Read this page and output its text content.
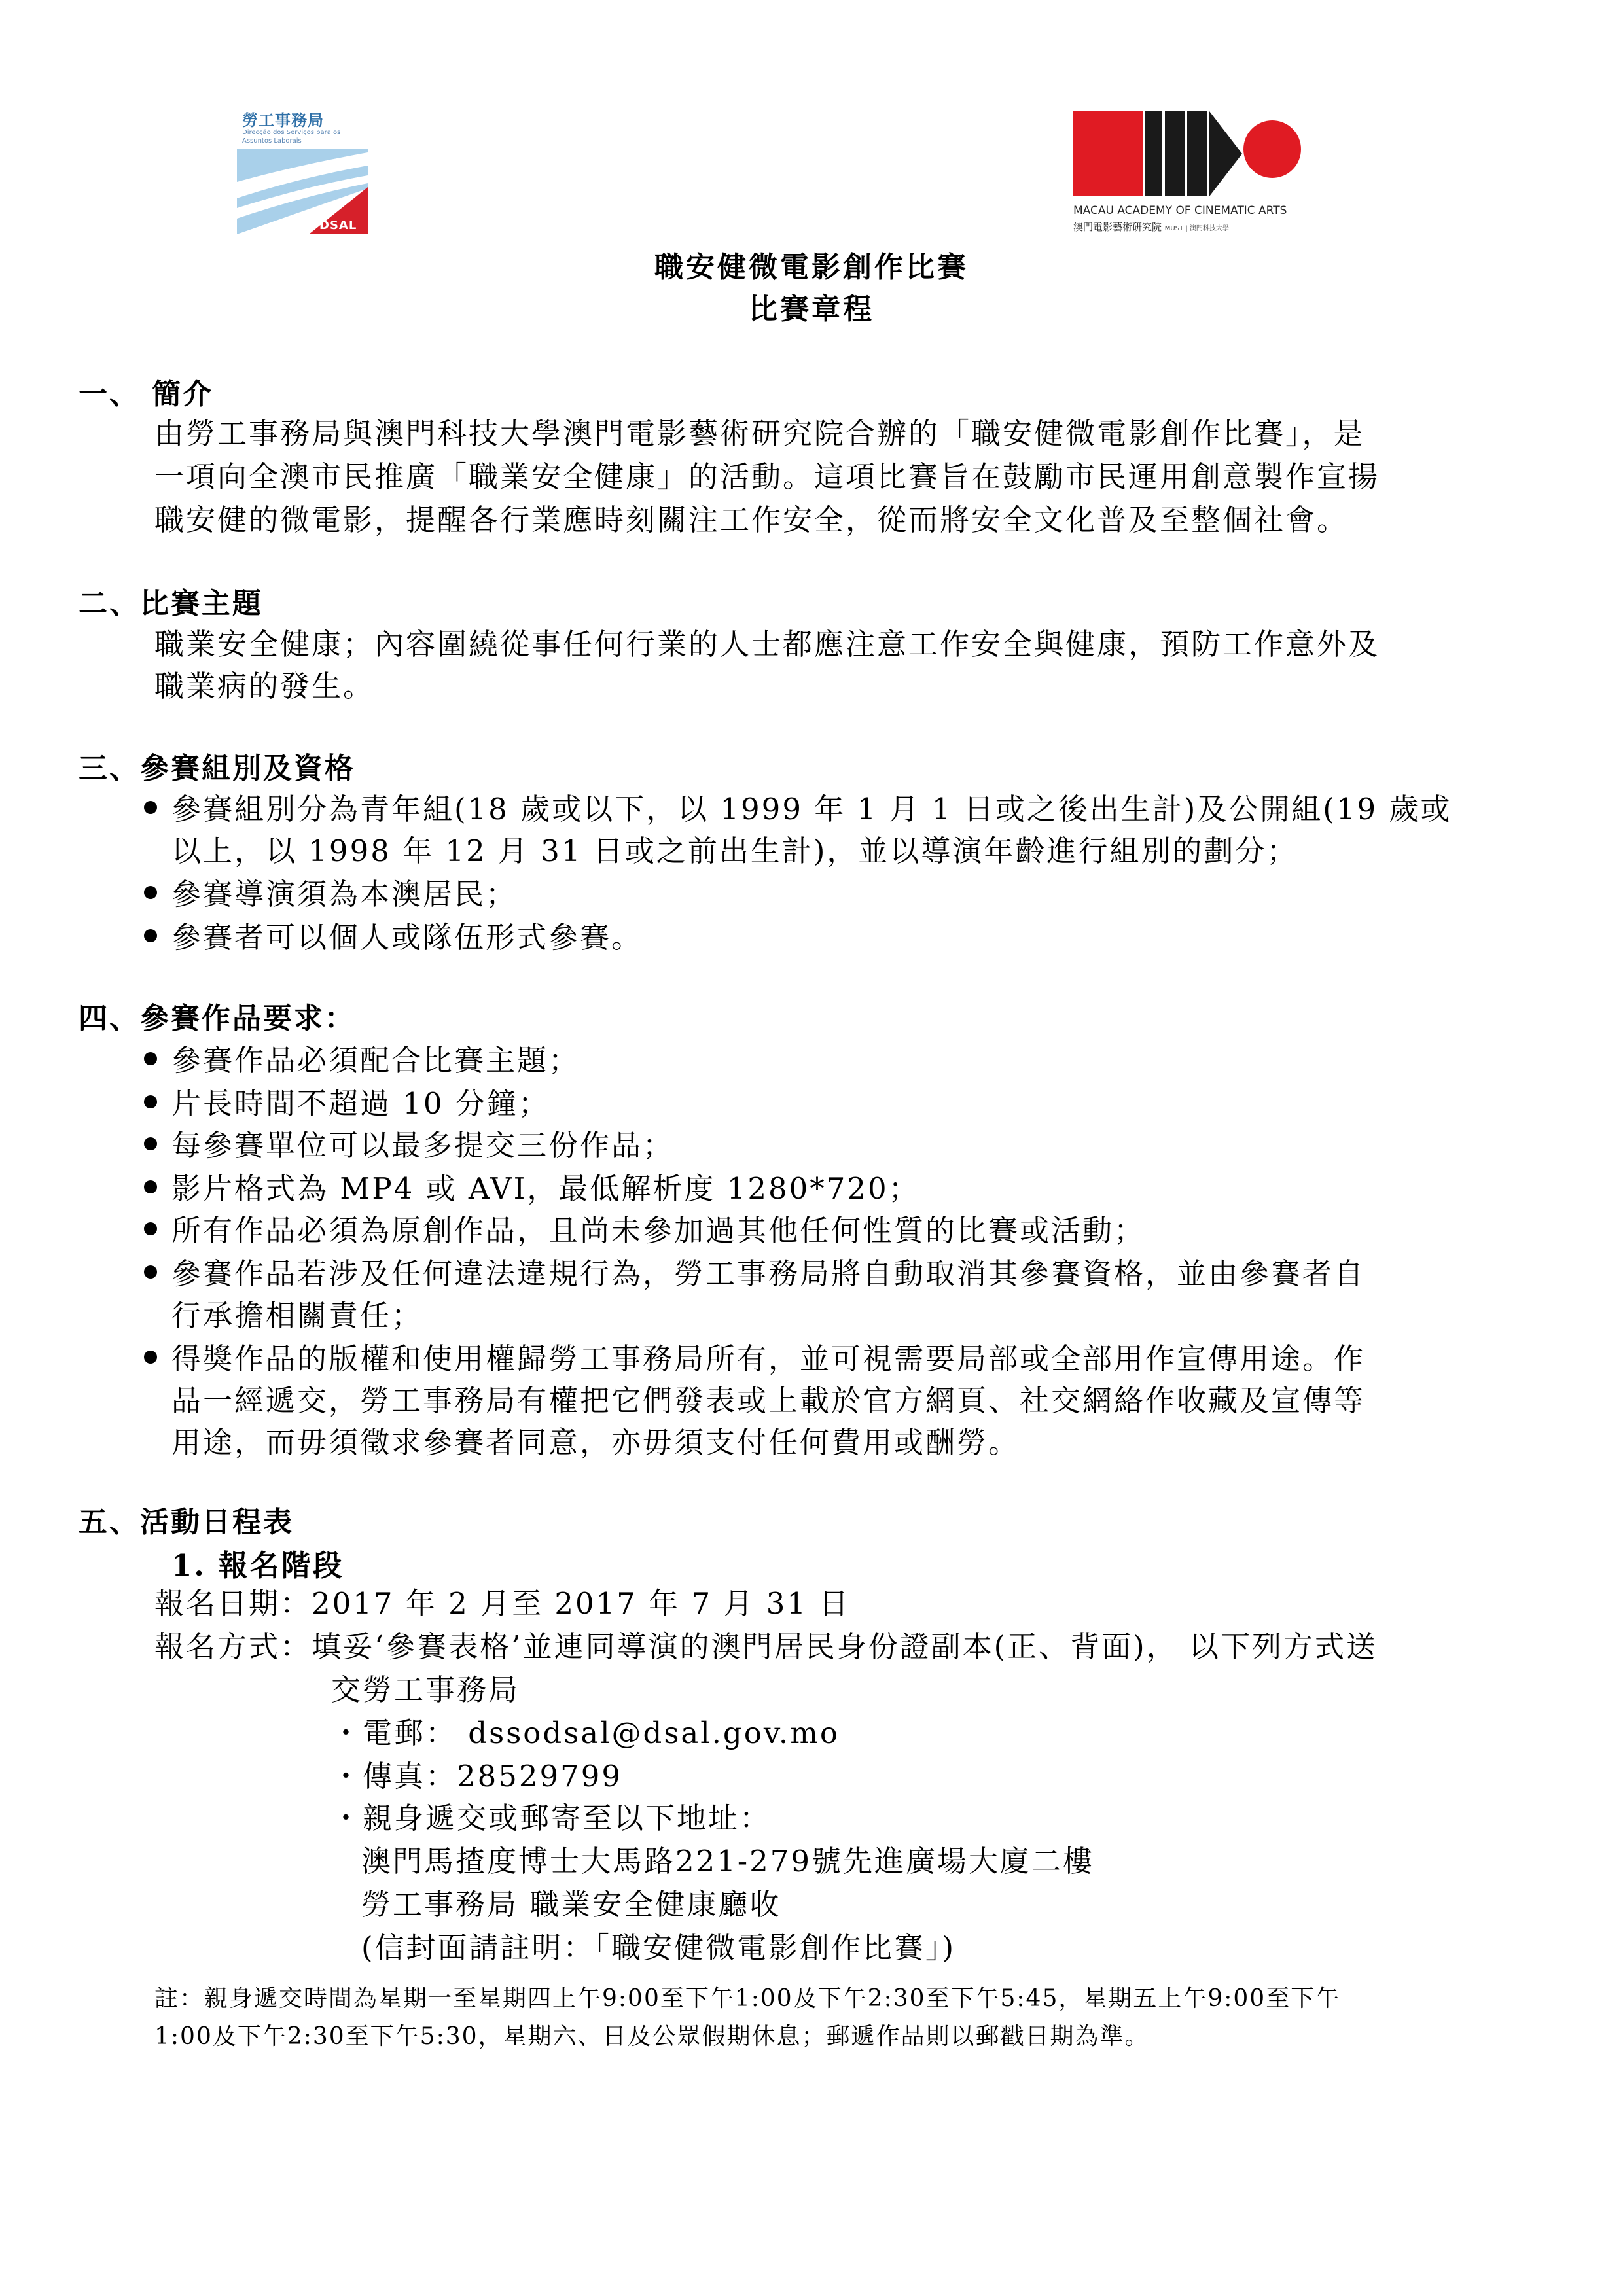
勞工事務局
Direcção dos Serviços para os Assuntos Laborais
DSAL
MACAU ACADEMY OF CINEMATIC ARTS
澳門電影藝術研究院 MUST | 澳門科技大學
職安健微電影創作比賽
比賽章程
一、 簡介
由勞工事務局與澳門科技大學澳門電影藝術研究院合辦的「職安健微電影創作比賽」，是
一項向全澳市民推廣「職業安全健康」的活動。這項比賽旨在鼓勵市民運用創意製作宣揚
職安健的微電影，提醒各行業應時刻關注工作安全，從而將安全文化普及至整個社會。
二、比賽主題
職業安全健康；內容圍繞從事任何行業的人士都應注意工作安全與健康，預防工作意外及
職業病的發生。
三、參賽組別及資格
參賽組別分為青年組(18 歲或以下，以 1999 年 1 月 1 日或之後出生計)及公開組(19 歲或
以上，以 1998 年 12 月 31 日或之前出生計)，並以導演年齡進行組別的劃分；
參賽導演須為本澳居民；
參賽者可以個人或隊伍形式參賽。
四、參賽作品要求：
參賽作品必須配合比賽主題；
片長時間不超過 10 分鐘；
每參賽單位可以最多提交三份作品；
影片格式為 MP4 或 AVI，最低解析度 1280*720；
所有作品必須為原創作品，且尚未參加過其他任何性質的比賽或活動；
參賽作品若涉及任何違法違規行為，勞工事務局將自動取消其參賽資格，並由參賽者自
行承擔相關責任；
得獎作品的版權和使用權歸勞工事務局所有，並可視需要局部或全部用作宣傳用途。作
品一經遞交，勞工事務局有權把它們發表或上載於官方網頁、社交網絡作收藏及宣傳等
用途，而毋須徵求參賽者同意，亦毋須支付任何費用或酬勞。
五、活動日程表
1. 報名階段
報名日期：2017 年 2 月至 2017 年 7 月 31 日
報名方式：填妥‘參賽表格’並連同導演的澳門居民身份證副本(正、背面)， 以下列方式送
交勞工事務局
・電郵： dssodsal@dsal.gov.mo
・傳真：28529799
・親身遞交或郵寄至以下地址：
澳門馬揸度博士大馬路221-279號先進廣場大廈二樓
勞工事務局 職業安全健康廳收
(信封面請註明：「職安健微電影創作比賽」)
註：親身遞交時間為星期一至星期四上午9:00至下午1:00及下午2:30至下午5:45，星期五上午9:00至下午
1:00及下午2:30至下午5:30，星期六、日及公眾假期休息；郵遞作品則以郵戳日期為準。
